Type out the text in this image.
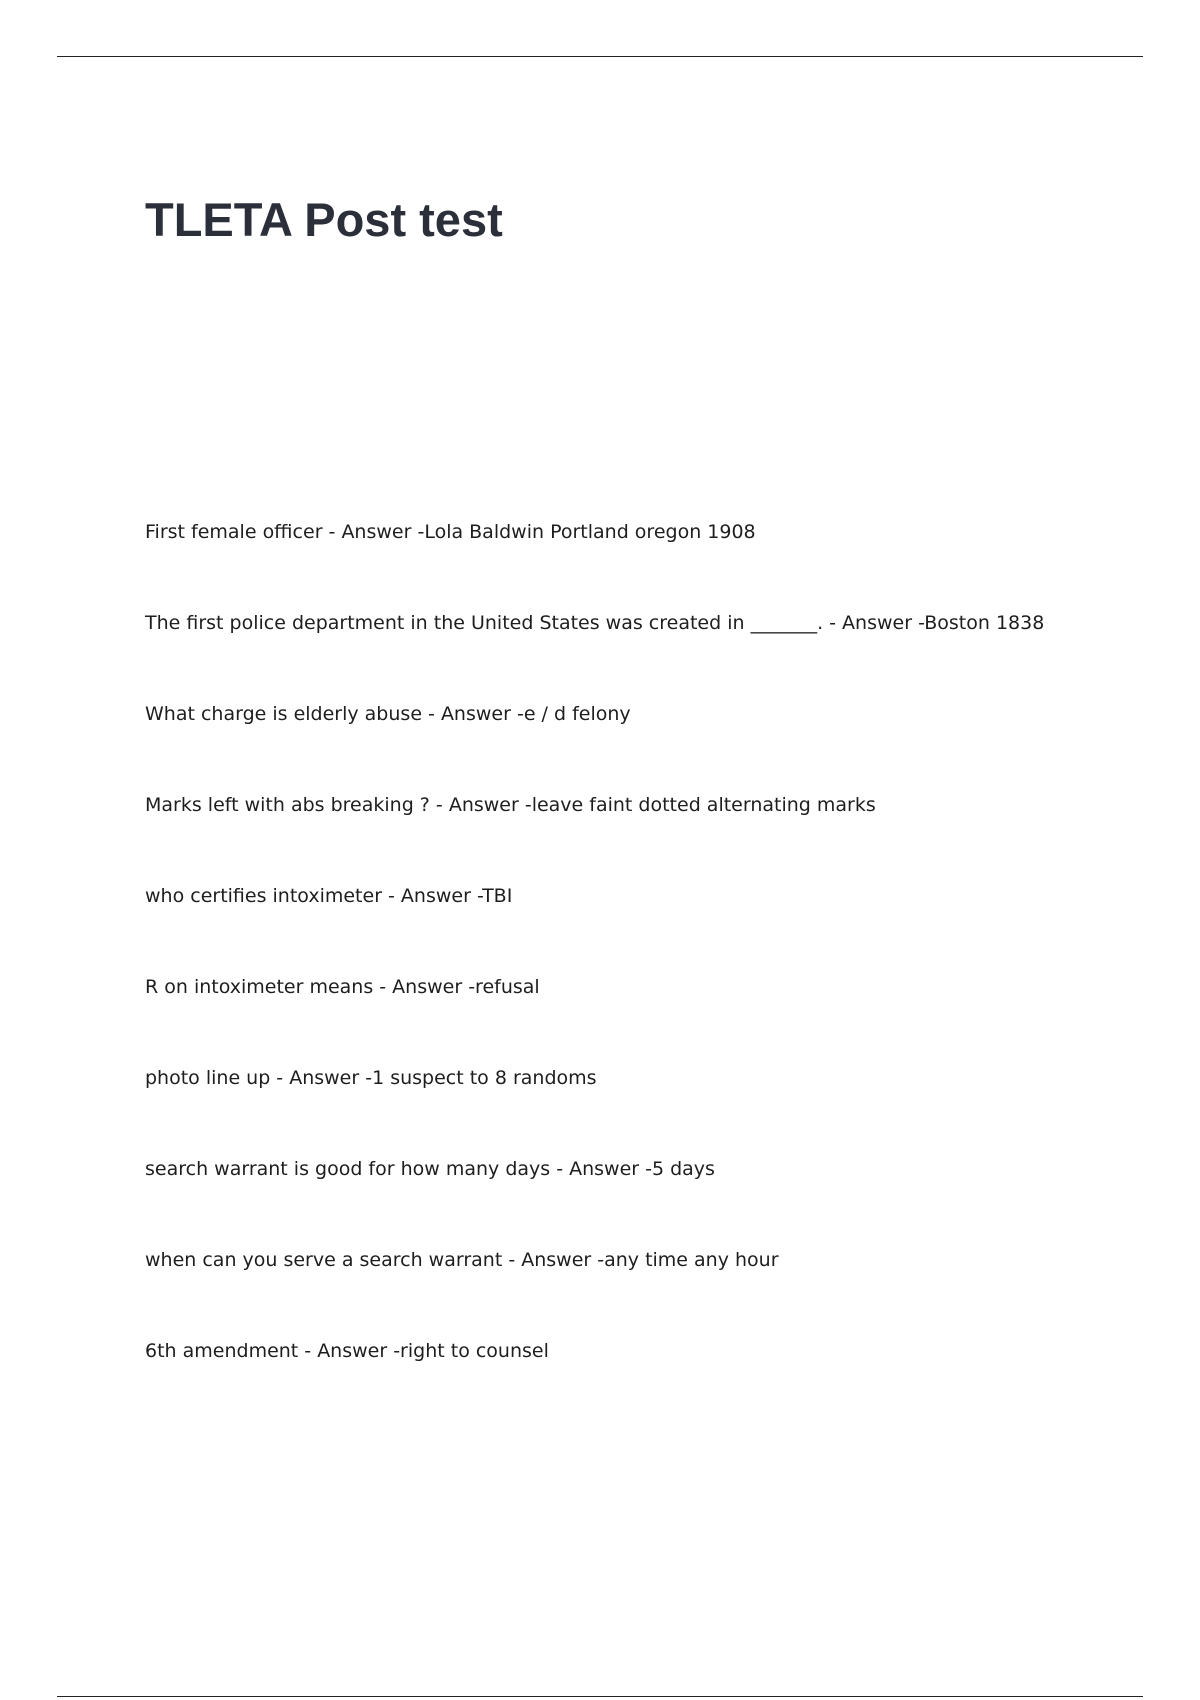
TLETA Post test
First female officer - Answer -Lola Baldwin Portland oregon 1908
The first police department in the United States was created in _______. - Answer -Boston 1838
What charge is elderly abuse - Answer -e / d felony
Marks left with abs breaking ? - Answer -leave faint dotted alternating marks
who certifies intoximeter - Answer -TBI
R on intoximeter means - Answer -refusal
photo line up - Answer -1 suspect to 8 randoms
search warrant is good for how many days - Answer -5 days
when can you serve a search warrant - Answer -any time any hour
6th amendment - Answer -right to counsel
